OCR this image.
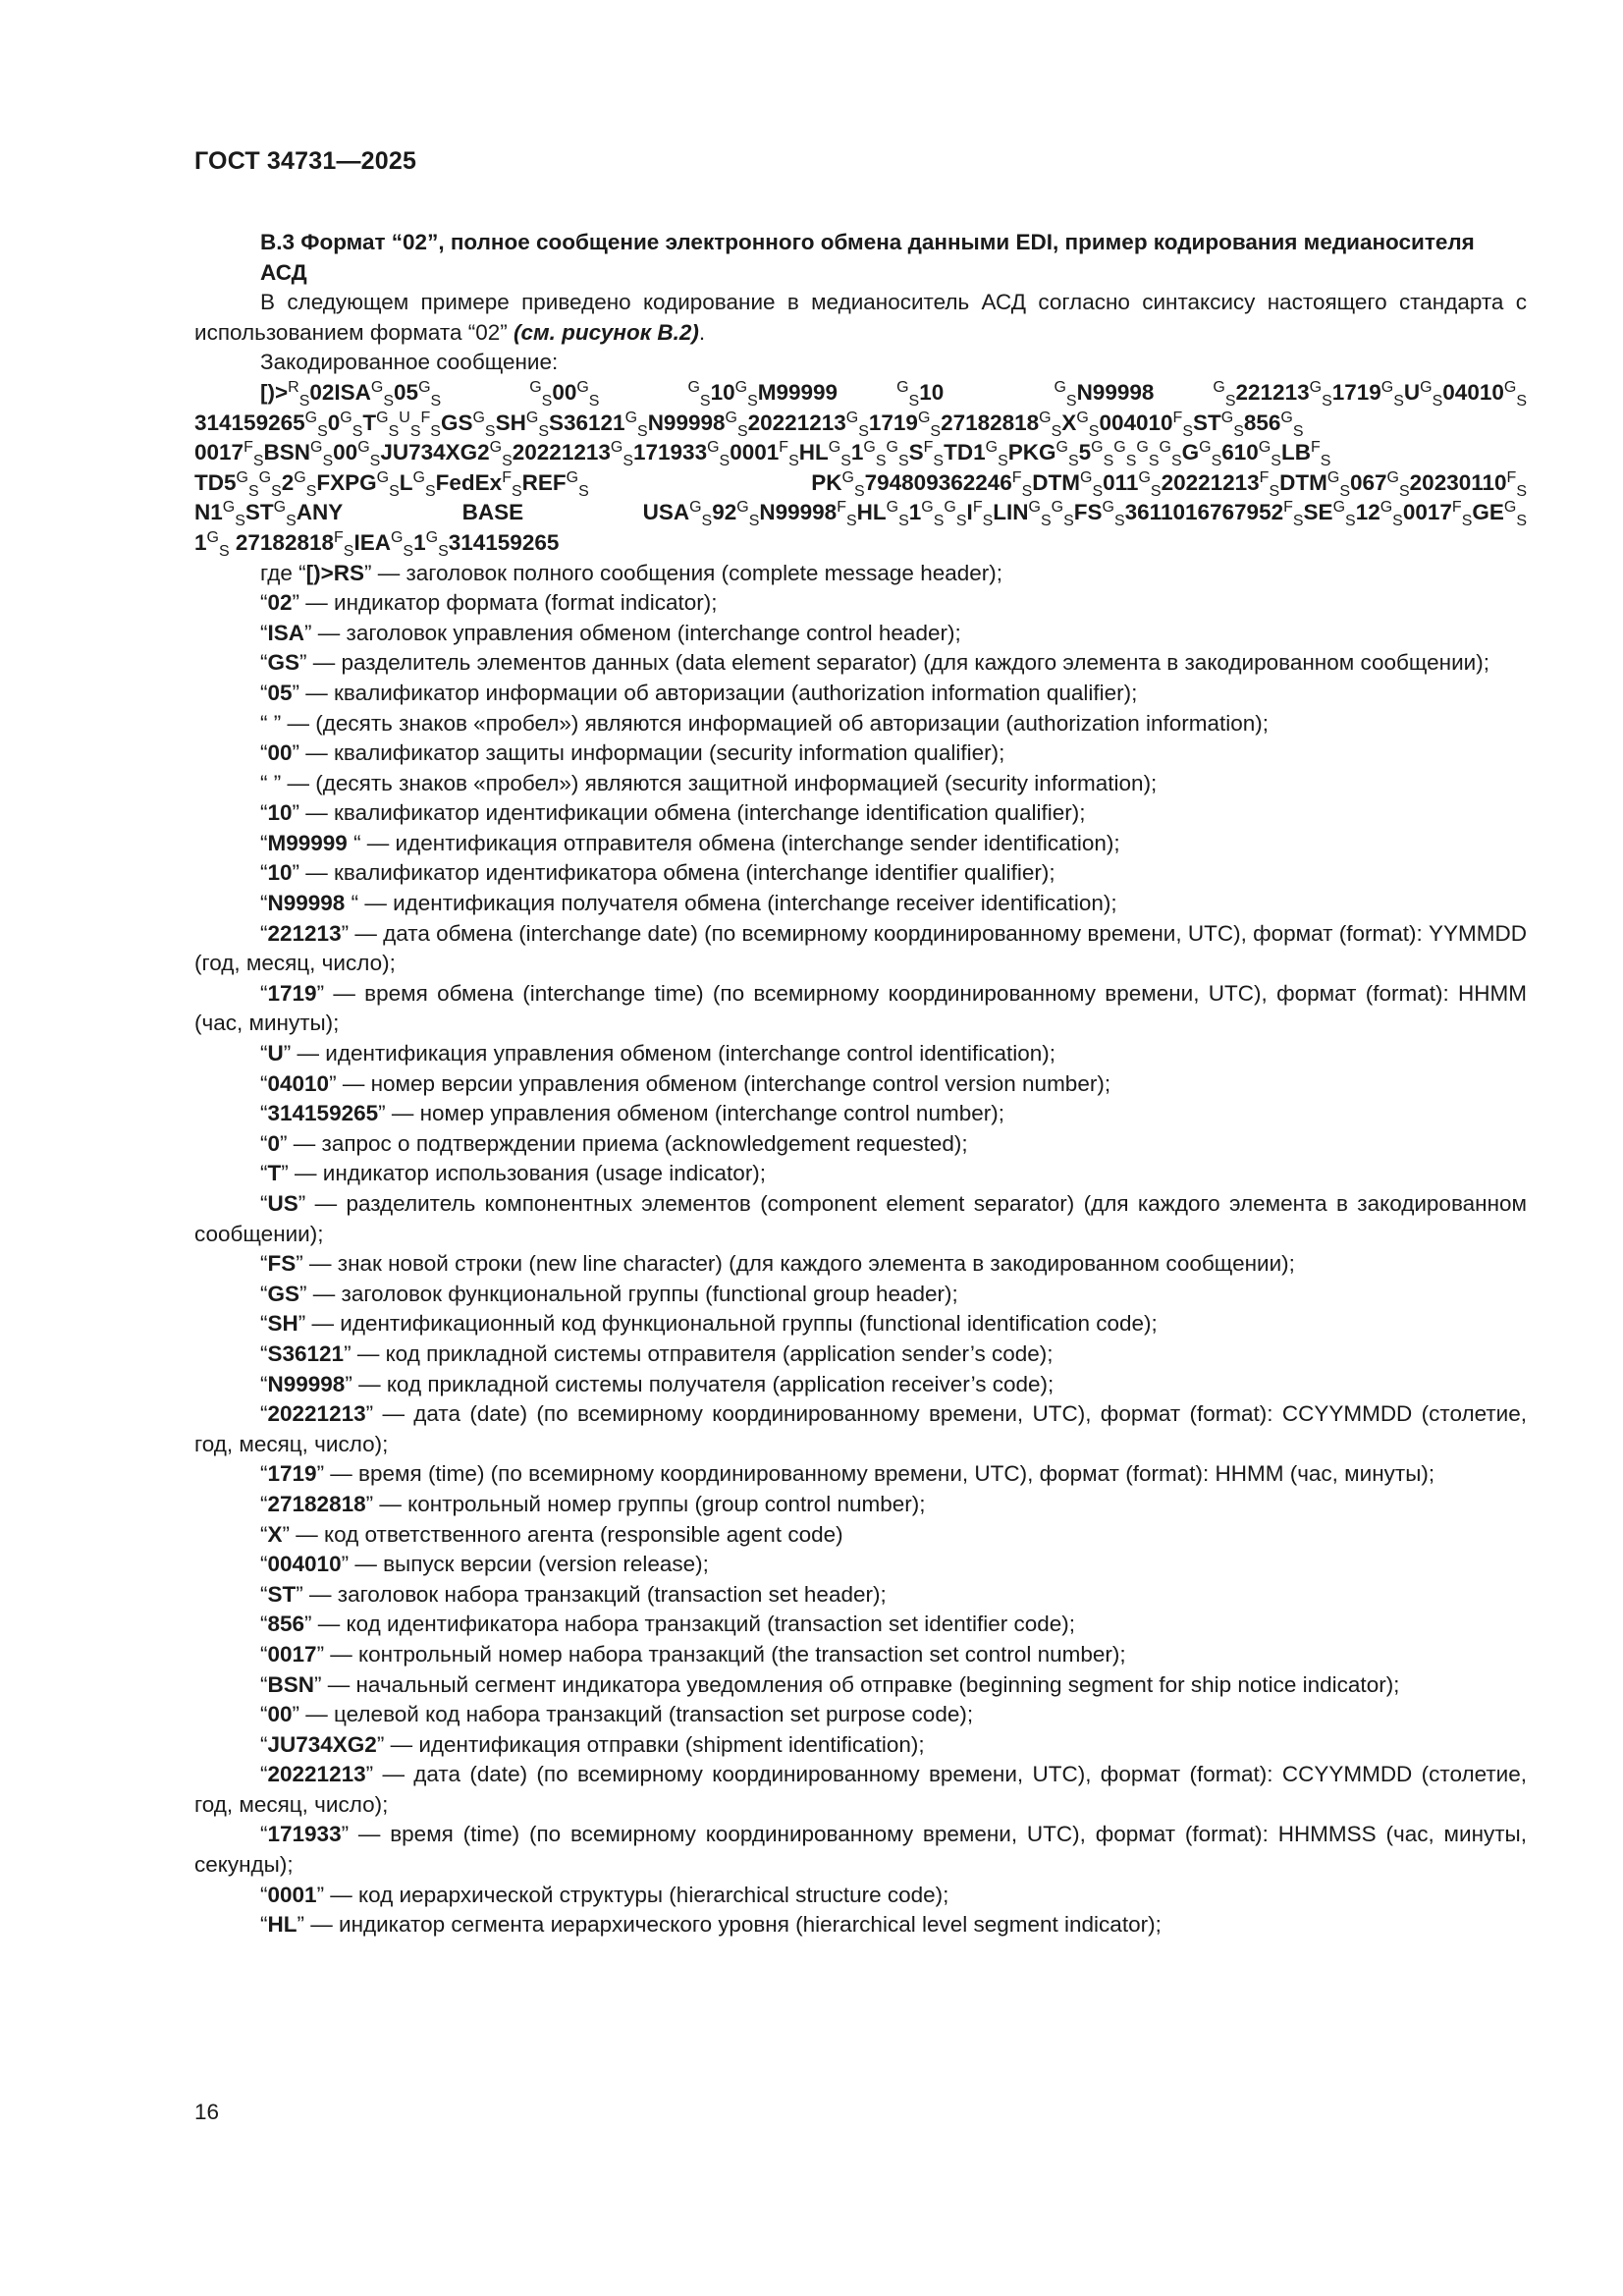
ГОСТ 34731—2025

В.3 Формат “02”, полное сообщение электронного обмена данными EDI, пример кодирования медианосителя АСД

В следующем примере приведено кодирование в медианоситель АСД согласно синтаксису настоящего стандарта с использованием формата “02” (см. рисунок В.2).

Закодированное сообщение:

[)>RS02ISAGS05GSGS00GSGS10GSM99999	GS10 GSN99998	GS221213GS1719GSUGS04010GS

314159265GS0GSTGSUSFSGSGSSHGSS36121GSN99998GS20221213GS1719GS27182818GSXGS004010FSSTGS856GS

0017FSBSNGS00GSJU734XG2GS20221213GS171933GS0001FSHLGS1GSGSSFSTD1GSPKGGS5GSGSGSGSGGS610GSLBFS

TD5GSGS2GSFXPGGSLGSFedExFSREFGS PKGS794809362246FSDTMGS011GS20221213FSDTMGS067GS20230110FS

N1GSSTGSANY   BASE   USAGS92GSN99998FSHLGS1GSGSIFSLINGSGSFSGS3611016767952FSSEGS12GS0017FSGEGS

1GS 27182818FSIEAGS1GS314159265

где “[)>RS” — заголовок полного сообщения (complete message header);

“02” — индикатор формата (format indicator);

“ISA” — заголовок управления обменом (interchange control header);

“GS” — разделитель элементов данных (data element separator) (для каждого элемента в закодированном сообщении);

“05” — квалификатор информации об авторизации (authorization information qualifier);

“ ” — (десять знаков «пробел») являются информацией об авторизации (authorization information);

“00” — квалификатор защиты информации (security information qualifier);

“ ” — (десять знаков «пробел») являются защитной информацией (security information);

“10” — квалификатор идентификации обмена (interchange identification qualifier);

“M99999 “ — идентификация отправителя обмена (interchange sender identification);

“10” — квалификатор идентификатора обмена (interchange identifier qualifier);

“N99998 “ — идентификация получателя обмена (interchange receiver identification);

“221213” — дата обмена (interchange date) (по всемирному координированному времени, UTC), формат (format): YYMMDD (год, месяц, число);

“1719” — время обмена (interchange time) (по всемирному координированному времени, UTC), формат (format): HHMM (час, минуты);

“U” — идентификация управления обменом (interchange control identification);

“04010” — номер версии управления обменом (interchange control version number);

“314159265” — номер управления обменом (interchange control number);

“0” — запрос о подтверждении приема (acknowledgement requested);

“T” — индикатор использования (usage indicator);

“US” — разделитель компонентных элементов (component element separator) (для каждого элемента в закодированном сообщении);

“FS” — знак новой строки (new line character) (для каждого элемента в закодированном сообщении);

“GS” — заголовок функциональной группы (functional group header);

“SH” — идентификационный код функциональной группы (functional identification code);

“S36121” — код прикладной системы отправителя (application sender’s code);

“N99998” — код прикладной системы получателя (application receiver’s code);

“20221213” — дата (date) (по всемирному координированному времени, UTC), формат (format): CCYYMMDD (столетие, год, месяц, число);

“1719” — время (time) (по всемирному координированному времени, UTC), формат (format): HHMM (час, минуты);

“27182818” — контрольный номер группы (group control number);

“X” — код ответственного агента (responsible agent code)

“004010” — выпуск версии (version release);

“ST” — заголовок набора транзакций (transaction set header);

“856” — код идентификатора набора транзакций (transaction set identifier code);

“0017” — контрольный номер набора транзакций (the transaction set control number);

“BSN” — начальный сегмент индикатора уведомления об отправке (beginning segment for ship notice indicator);

“00” — целевой код набора транзакций (transaction set purpose code);

“JU734XG2” — идентификация отправки (shipment identification);

“20221213” — дата (date) (по всемирному координированному времени, UTC), формат (format): CCYYMMDD (столетие, год, месяц, число);

“171933” — время (time) (по всемирному координированному времени, UTC), формат (format): HHMMSS (час, минуты, секунды);

“0001” — код иерархической структуры (hierarchical structure code);

“HL” — индикатор сегмента иерархического уровня (hierarchical level segment indicator);

16
